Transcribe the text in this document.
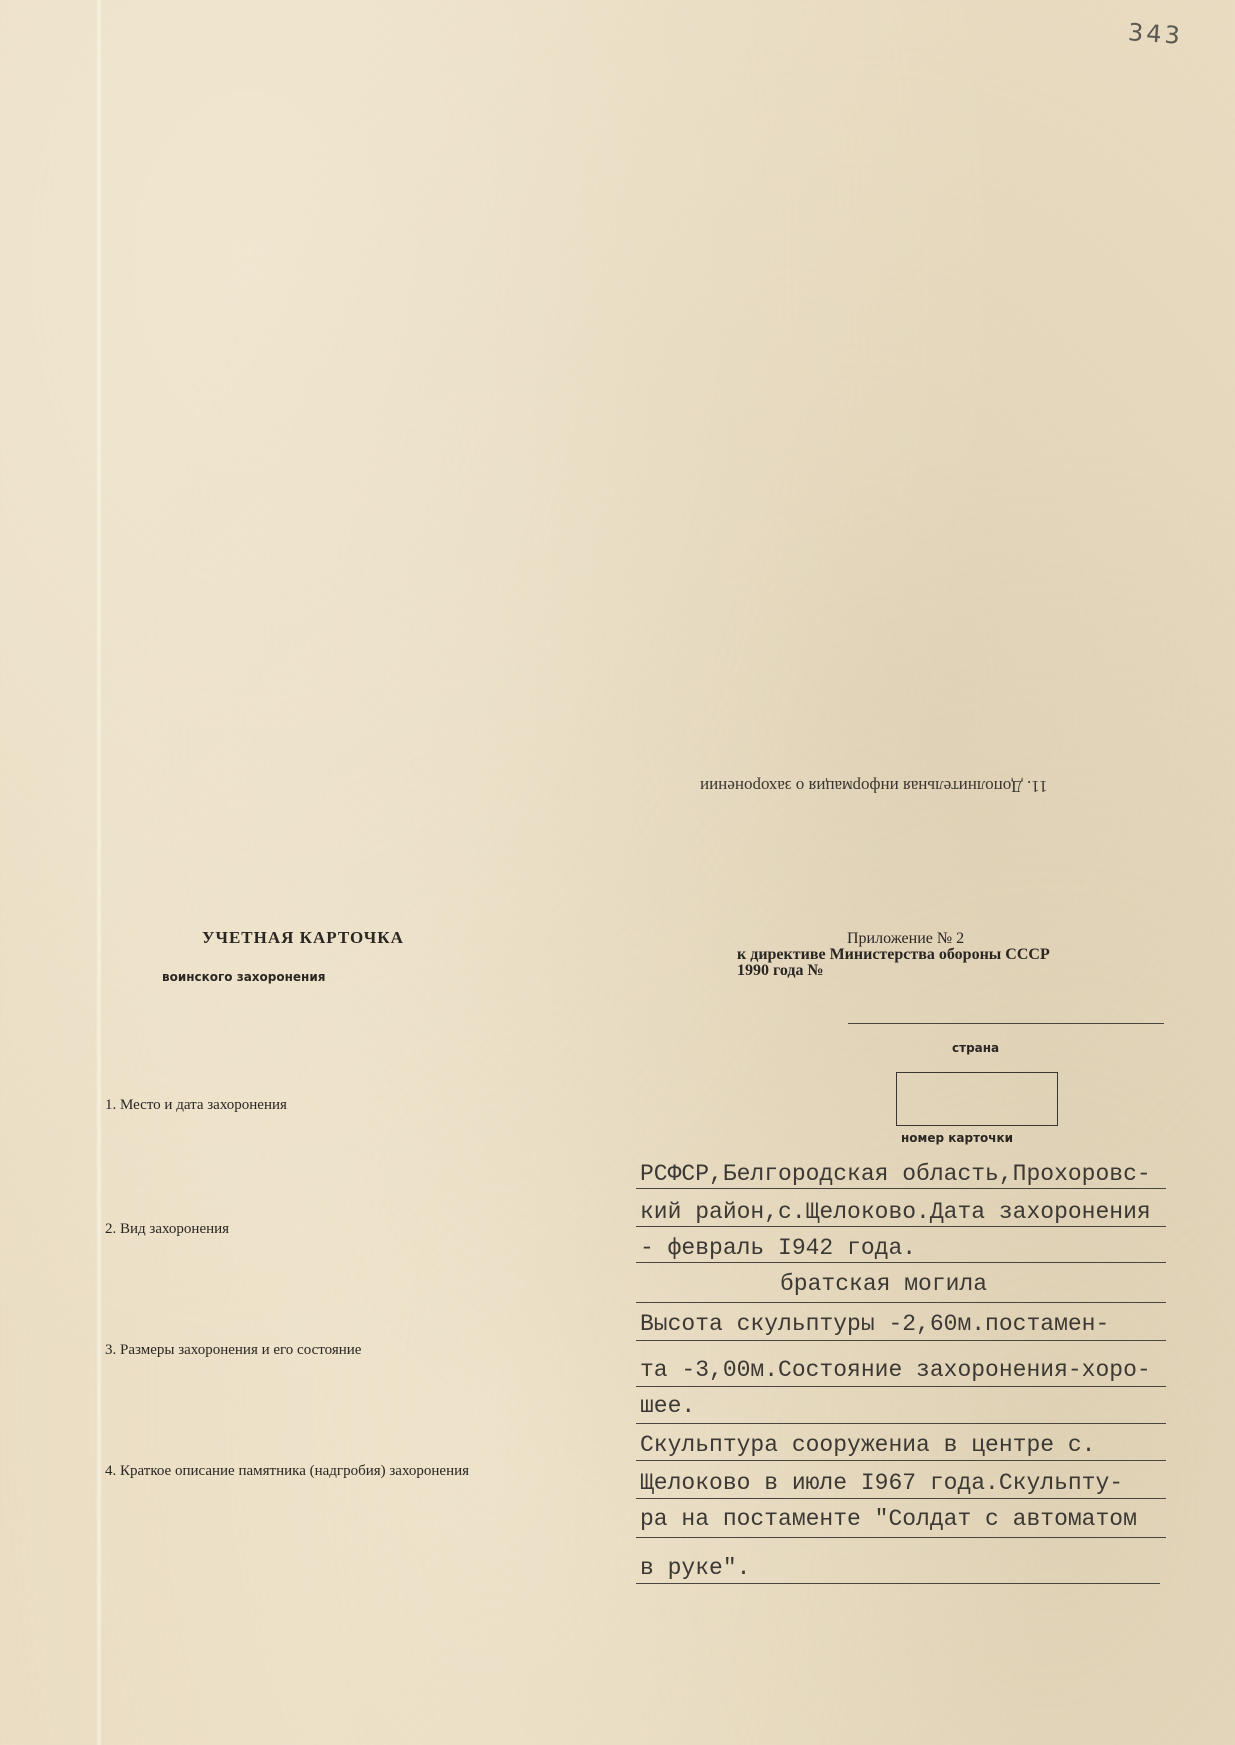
343
11. Дополнительная информация о захоронении
УЧЕТНАЯ КАРТОЧКА
воинского захоронения
Приложение № 2
к директиве Министерства обороны СССР
1990 года №
страна
номер карточки
1. Место и дата захоронения
2. Вид захоронения
3. Размеры захоронения и его состояние
4. Краткое описание памятника (надгробия) захоронения
РСФСР,Белгородская область,Прохоровс-
кий район,с.Щелоково.Дата захоронения
- февраль I942 года.
братская могила
Высота скульптуры -2,60м.постамен-
та -3,00м.Состояние захоронения-хоро-
шее.
Скульптура сооружениа в центре с.
Щелоково в июле I967 года.Скульпту-
ра на постаменте "Солдат с автоматом
в руке".
